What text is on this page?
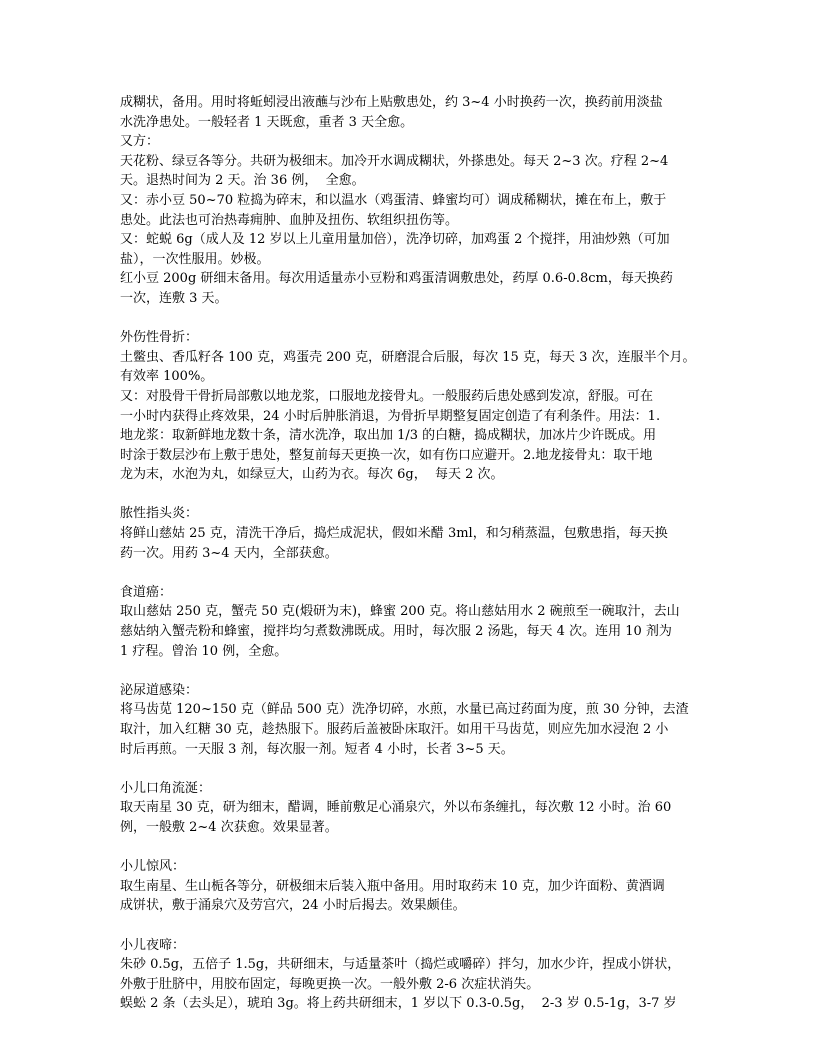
成糊状，备用。用时将蚯蚓浸出液蘸与沙布上贴敷患处，约 3~4 小时换药一次，换药前用淡盐
水洗净患处。一般轻者 1 天既愈，重者 3 天全愈。
又方：
天花粉、绿豆各等分。共研为极细末。加冷开水调成糊状，外搽患处。每天 2~3 次。疗程 2~4
天。退热时间为 2 天。治 36 例，  全愈。
又：赤小豆 50~70 粒捣为碎末，和以温水（鸡蛋清、蜂蜜均可）调成稀糊状，摊在布上，敷于
患处。此法也可治热毒痈肿、血肿及扭伤、软组织扭伤等。
又：蛇蜕 6g（成人及 12 岁以上儿童用量加倍），洗净切碎，加鸡蛋 2 个搅拌，用油炒熟（可加
盐），一次性服用。妙极。
红小豆 200g 研细末备用。每次用适量赤小豆粉和鸡蛋清调敷患处，药厚 0.6-0.8cm，每天换药
一次，连敷 3 天。
外伤性骨折：
土鳖虫、香瓜籽各 100 克，鸡蛋壳 200 克，研磨混合后服，每次 15 克，每天 3 次，连服半个月。
有效率 100%。
又：对股骨干骨折局部敷以地龙浆，口服地龙接骨丸。一般服药后患处感到发凉，舒服。可在
一小时内获得止疼效果，24 小时后肿胀消退，为骨折早期整复固定创造了有利条件。用法：1.
地龙浆：取新鲜地龙数十条，清水洗净，取出加 1/3 的白糖，捣成糊状，加冰片少许既成。用
时涂于数层沙布上敷于患处，整复前每天更换一次，如有伤口应避开。2.地龙接骨丸：取干地
龙为末，水泡为丸，如绿豆大，山药为衣。每次 6g，  每天 2 次。
脓性指头炎：
将鲜山慈姑 25 克，清洗干净后，捣烂成泥状，假如米醋 3ml，和匀稍蒸温，包敷患指，每天换
药一次。用药 3~4 天内，全部获愈。
食道癌：
取山慈姑 250 克，蟹壳 50 克(煅研为末)，蜂蜜 200 克。将山慈姑用水 2 碗煎至一碗取汁，去山
慈姑纳入蟹壳粉和蜂蜜，搅拌均匀煮数沸既成。用时，每次服 2 汤匙，每天 4 次。连用 10 剂为
1 疗程。曾治 10 例，全愈。
泌尿道感染：
将马齿苋 120~150 克（鲜品 500 克）洗净切碎，水煎，水量已高过药面为度，煎 30 分钟，去渣
取汁，加入红糖 30 克，趁热服下。服药后盖被卧床取汗。如用干马齿苋，则应先加水浸泡 2 小
时后再煎。一天服 3 剂，每次服一剂。短者 4 小时，长者 3~5 天。
小儿口角流涎：
取天南星 30 克，研为细末，醋调，睡前敷足心涌泉穴，外以布条缠扎，每次敷 12 小时。治 60
例，一般敷 2~4 次获愈。效果显著。
小儿惊风：
取生南星、生山栀各等分，研极细末后装入瓶中备用。用时取药末 10 克，加少许面粉、黄酒调
成饼状，敷于涌泉穴及劳宫穴，24 小时后揭去。效果颇佳。
小儿夜啼：
朱砂 0.5g，五倍子 1.5g，共研细末，与适量茶叶（捣烂或嚼碎）拌匀，加水少许，捏成小饼状，
外敷于肚脐中，用胶布固定，每晚更换一次。一般外敷 2-6 次症状消失。
蜈蚣 2 条（去头足），琥珀 3g。将上药共研细末，1 岁以下 0.3-0.5g，  2-3 岁 0.5-1g，3-7 岁
